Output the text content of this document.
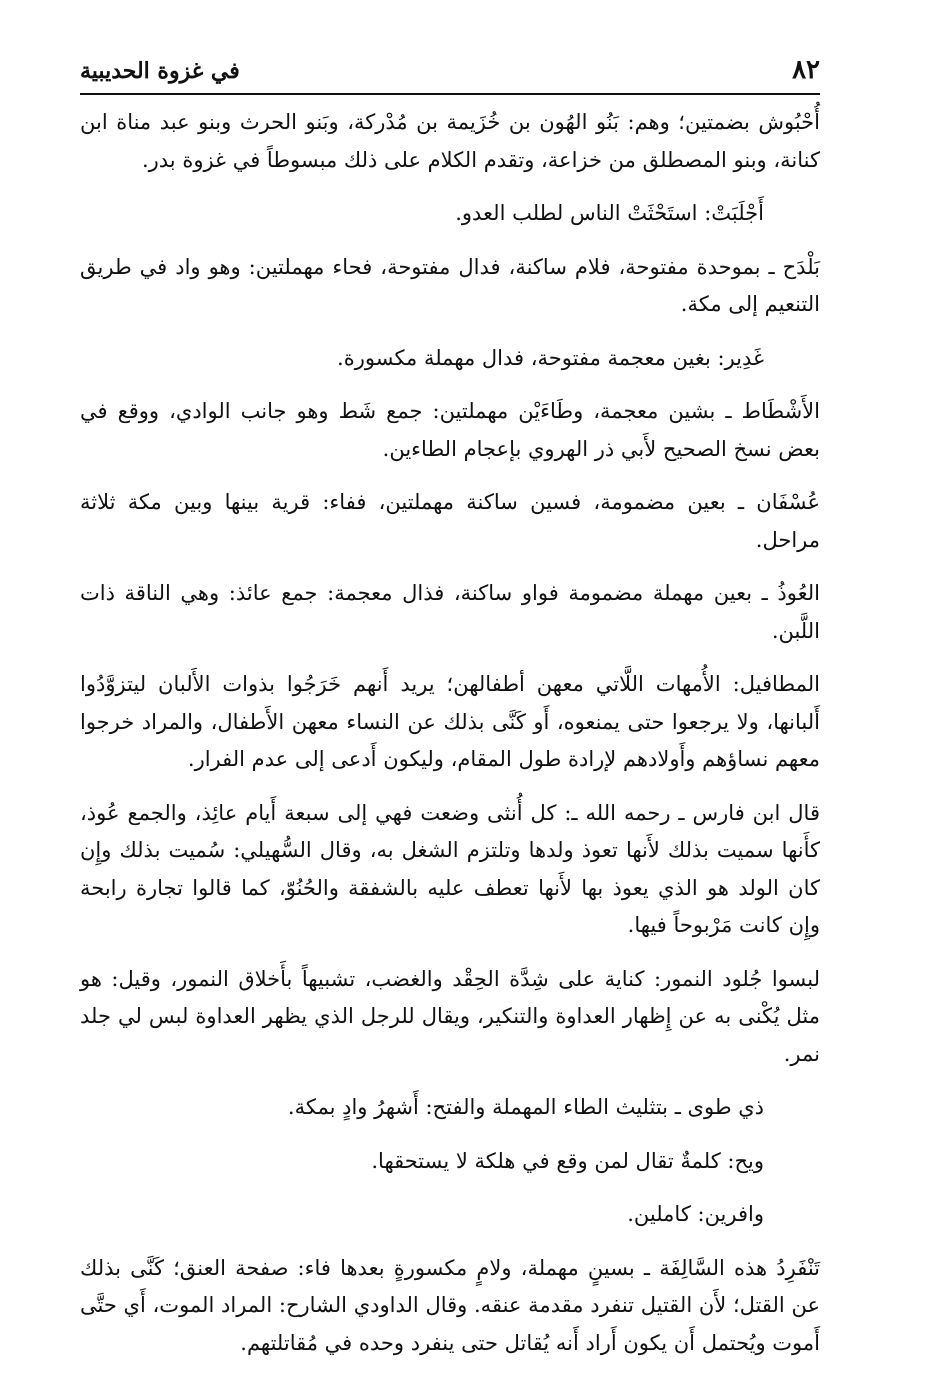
٨٢
في غزوة الحديبية

أُحْبُوش بضمتين؛ وهم: بَنُو الهُون بن خُزَيمة بن مُدْركة، وبَنو الحرث وبنو عبد مناة ابن كنانة، وبنو المصطلق من خزاعة، وتقدم الكلام على ذلك مبسوطاً في غزوة بدر.

أَجْلَبَتْ: استَحْثَتْ الناس لطلب العدو.

بَلْدَح ـ بموحدة مفتوحة، فلام ساكنة، فدال مفتوحة، فحاء مهملتين: وهو واد في طريق التنعيم إلى مكة.

غَدِير: بغين معجمة مفتوحة، فدال مهملة مكسورة.

الأَشْطَاط ـ بشين معجمة، وطَاءَيْن مهملتين: جمع شَط وهو جانب الوادي، ووقع في بعض نسخ الصحيح لأَبي ذر الهروي بإعجام الطاءين.

عُسْفَان ـ بعين مضمومة، فسين ساكنة مهملتين، ففاء: قرية بينها وبين مكة ثلاثة مراحل.

العُوذُ ـ بعين مهملة مضمومة فواو ساكنة، فذال معجمة: جمع عائذ: وهي الناقة ذات اللَّبن.

المطافيل: الأُمهات اللَّاتي معهن أطفالهن؛ يريد أَنهم خَرَجُوا بذوات الأَلبان ليتزوَّدُوا أَلبانها، ولا يرجعوا حتى يمنعوه، أَو كَنَّى بذلك عن النساء معهن الأَطفال، والمراد خرجوا معهم نساؤهم وأَولادهم لإرادة طول المقام، وليكون أَدعى إلى عدم الفرار.

قال ابن فارس ـ رحمه الله ـ: كل أُنثى وضعت فهي إلى سبعة أَيام عائِذ، والجمع عُوذ، كأَنها سميت بذلك لأَنها تعوذ ولدها وتلتزم الشغل به، وقال السُّهيلي: سُميت بذلك وإِن كان الولد هو الذي يعوذ بها لأَنها تعطف عليه بالشفقة والحُنُوّ، كما قالوا تجارة رابحة وإِن كانت مَرْبوحاً فيها.

لبسوا جُلود النمور: كناية على شِدَّة الحِقْد والغضب، تشبيهاً بأَخلاق النمور، وقيل: هو مثل يُكْنى به عن إِظهار العداوة والتنكير، ويقال للرجل الذي يظهر العداوة لبس لي جلد نمر.

ذي طوى ـ بتثليث الطاء المهملة والفتح: أَشهرُ وادٍ بمكة.

ويح: كلمةٌ تقال لمن وقع في هلكة لا يستحقها.

وافرين: كاملين.

تَنْفَرِدُ هذه السَّالِفَة ـ بسينٍ مهملة، ولامٍ مكسورةٍ بعدها فاء: صفحة العنق؛ كَنَّى بذلك عن القتل؛ لأَن القتيل تنفرد مقدمة عنقه. وقال الداودي الشارح: المراد الموت، أَي حتَّى أَموت ويُحتمل أَن يكون أَراد أَنه يُقاتل حتى ينفرد وحده في مُقاتلتهم.
